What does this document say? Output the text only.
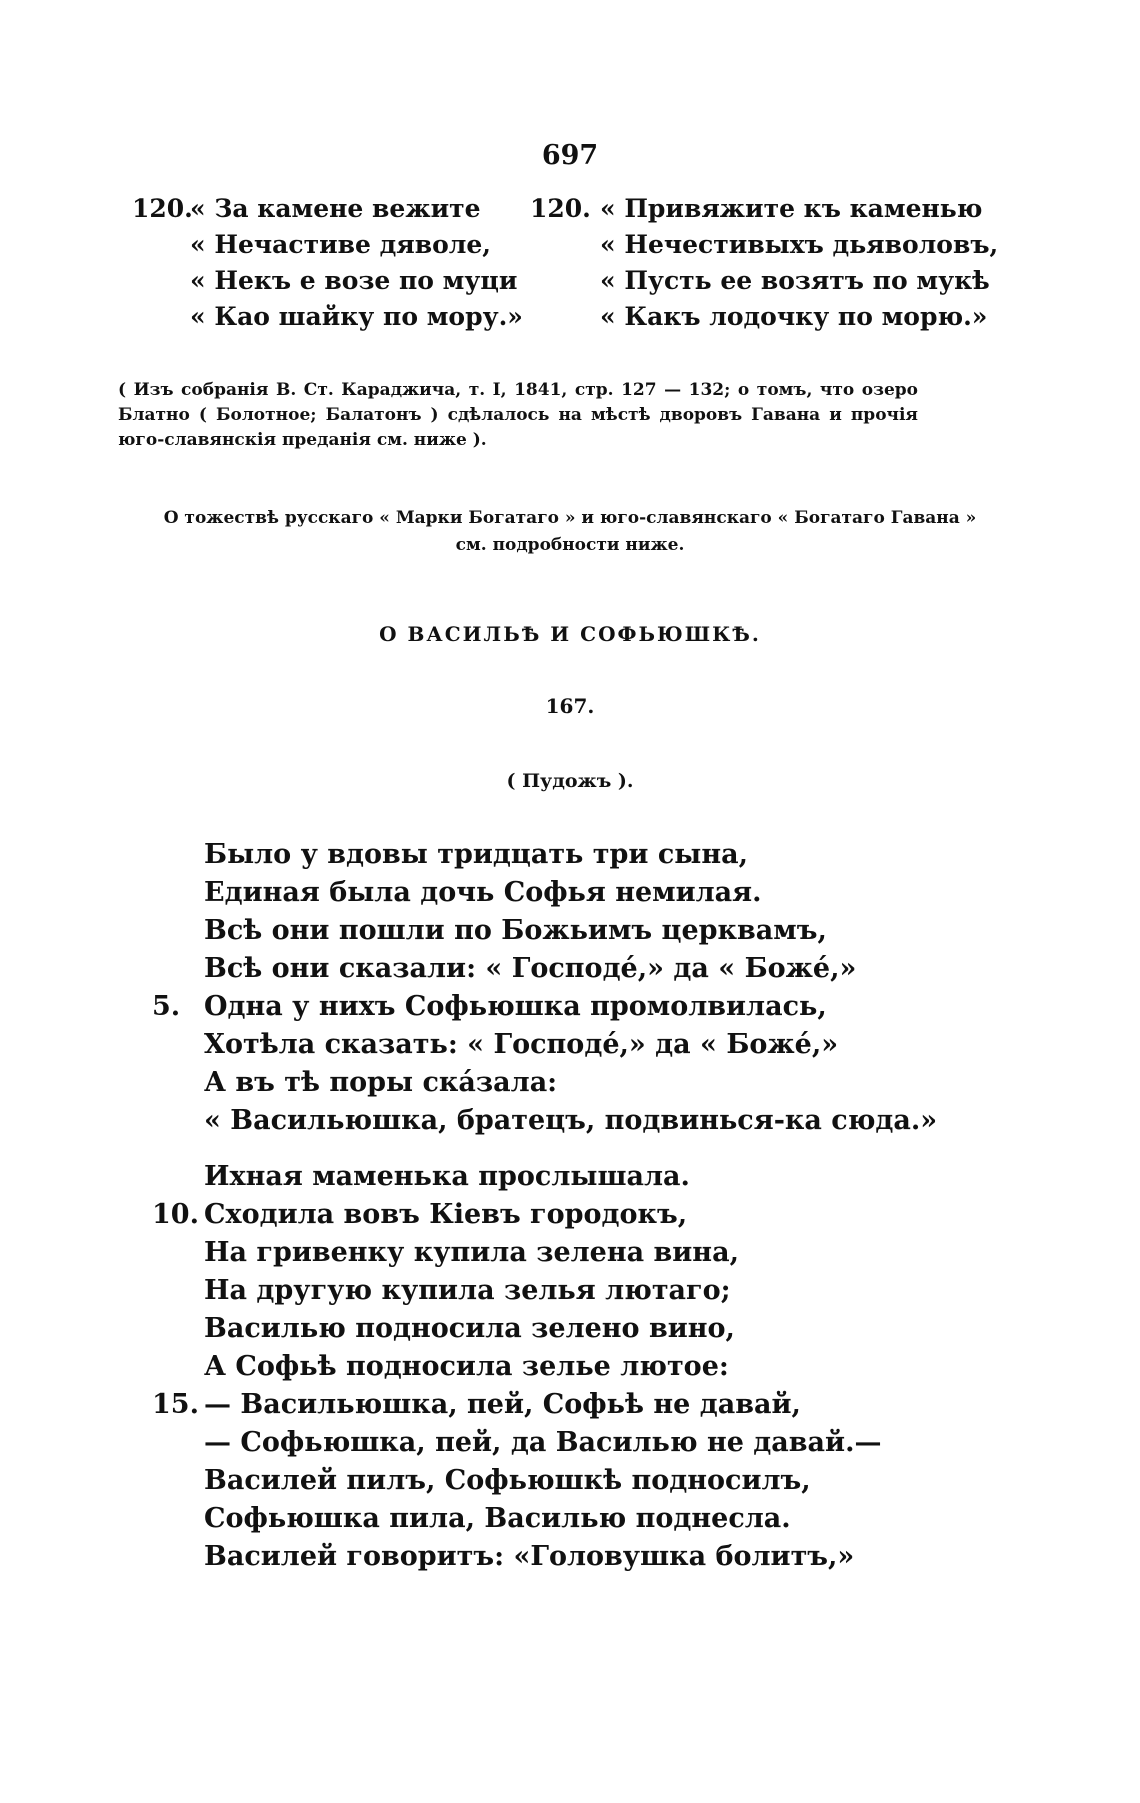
697
120.
« За камене вежите
« Нечастиве дяволе,
« Некъ е возе по муци
« Као шайку по мору.»
120. « Привяжите къ каменью
« Нечестивыхъ дьяволовъ,
« Пусть ее возятъ по мукѣ
« Какъ лодочку по морю.»
( Изъ собранія В. Ст. Караджича, т. I, 1841, стр. 127 — 132; о томъ, что озеро Блатно ( Болотное; Балатонъ ) сдѣлалось на мѣстѣ дворовъ Гавана и прочія юго-славянскія преданія см. ниже ).
О тожествѣ русскаго « Марки Богатаго » и юго-славянскаго « Богатаго Гавана »
см. подробности ниже.
О ВАСИЛЬѢ И СОФЬЮШКѢ.
167.
( Пудожъ ).
Было у вдовы тридцать три сына,
Единая была дочь Софья немилая.
Всѣ они пошли по Божьимъ церквамъ,
Всѣ они сказали: « Господе́,» да « Боже́,»
5. Одна у нихъ Софьюшка промолвилась,
Хотѣла сказать: « Господе́,» да « Боже́,»
А въ тѣ поры ска́зала:
« Васильюшка, братецъ, подвинься-ка сюда.»
Ихная маменька прослышала.
10. Сходила вовъ Кіевъ городокъ,
На гривенку купила зелена вина,
На другую купила зелья лютаго;
Василью подносила зелено вино,
А Софьѣ подносила зелье лютое:
15. — Васильюшка, пей, Софьѣ не давай,
— Софьюшка, пей, да Василью не давай.—
Василей пилъ, Софьюшкѣ подносилъ,
Софьюшка пила, Василью поднесла.
Василей говоритъ: «Головушка болитъ,»
